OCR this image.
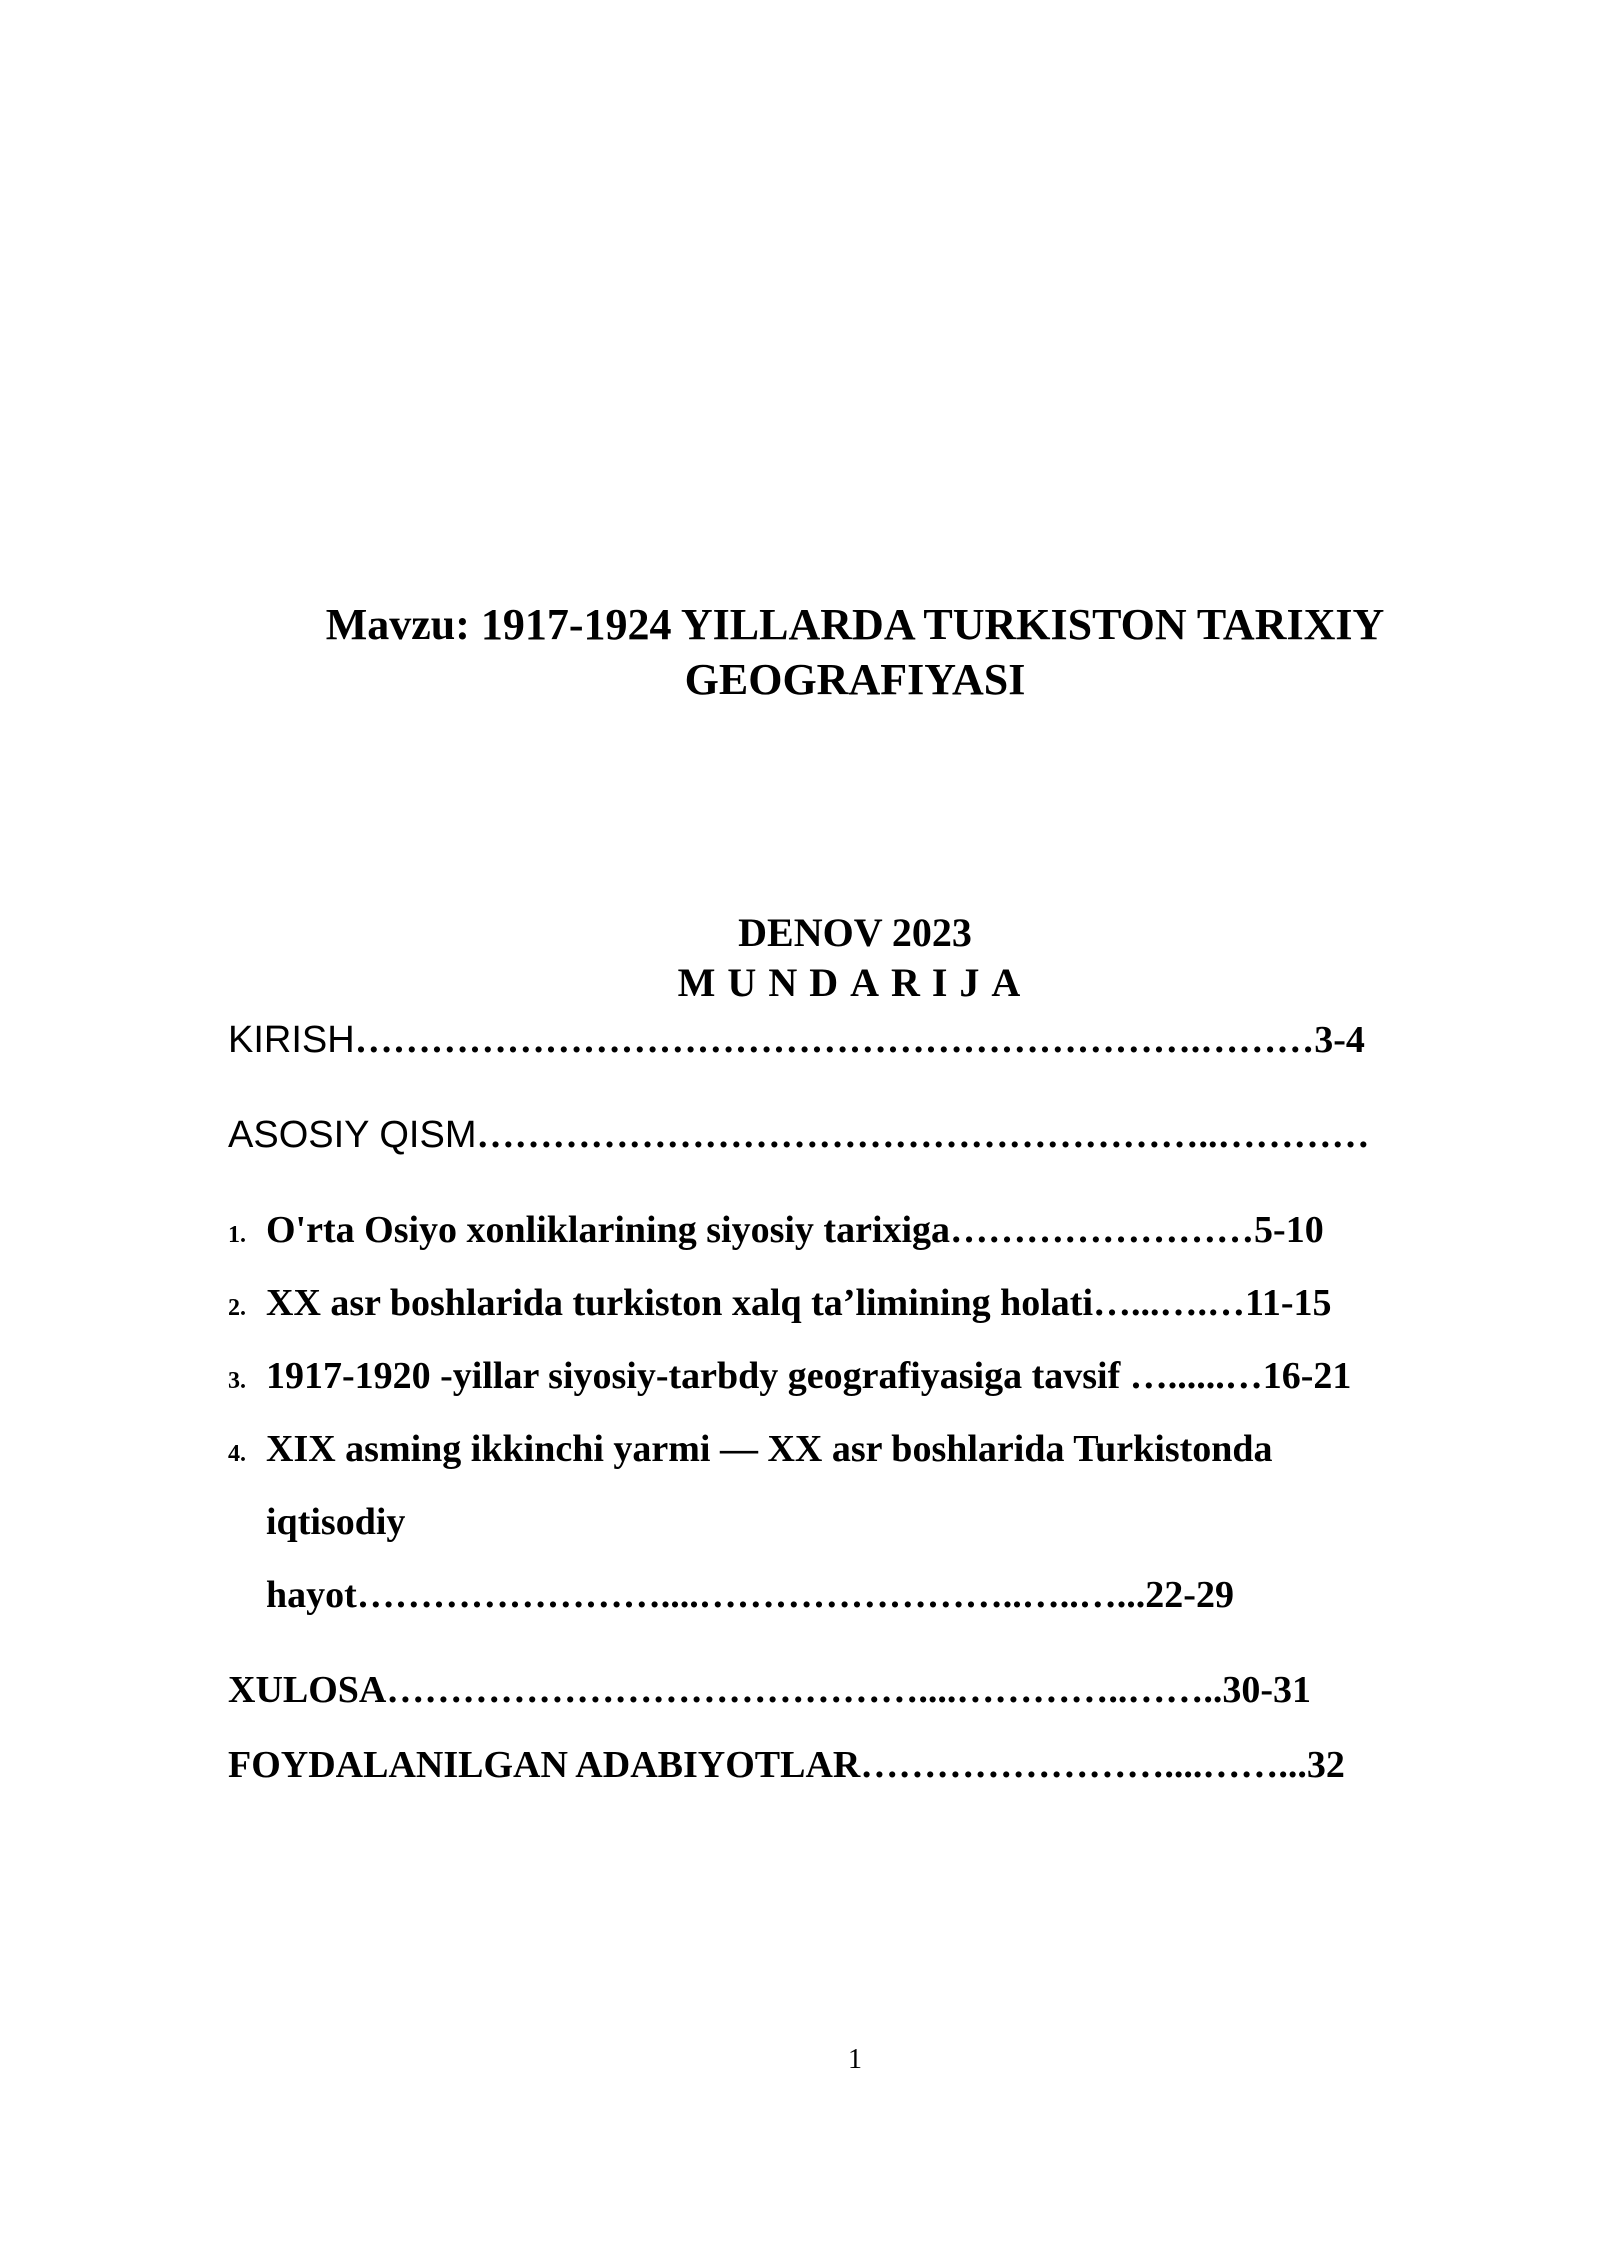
Mavzu: 1917-1924 YILLARDA TURKISTON TARIXIY
GEOGRAFIYASI
DENOV 2023
MUNDARIJA
KIRISH………………………………………………………….………3-4
ASOSIY QISM…………………………………………………..…………
1. O'rta Osiyo xonliklarining siyosiy tarixiga……………………5-10
2. XX asr boshlarida turkiston xalq ta’limining holati…...….…11-15
3. 1917-1920 -yillar siyosiy-tarbdy geografiyasiga tavsif …......…16-21
4. XIX asming ikkinchi yarmi — XX asr boshlarida Turkistonda
iqtisodiy
hayot……………………....……………………..…..…...22-29
XULOSA……………………………………....…………..……..30-31
FOYDALANILGAN ADABIYOTLAR……………………....……...32
1
